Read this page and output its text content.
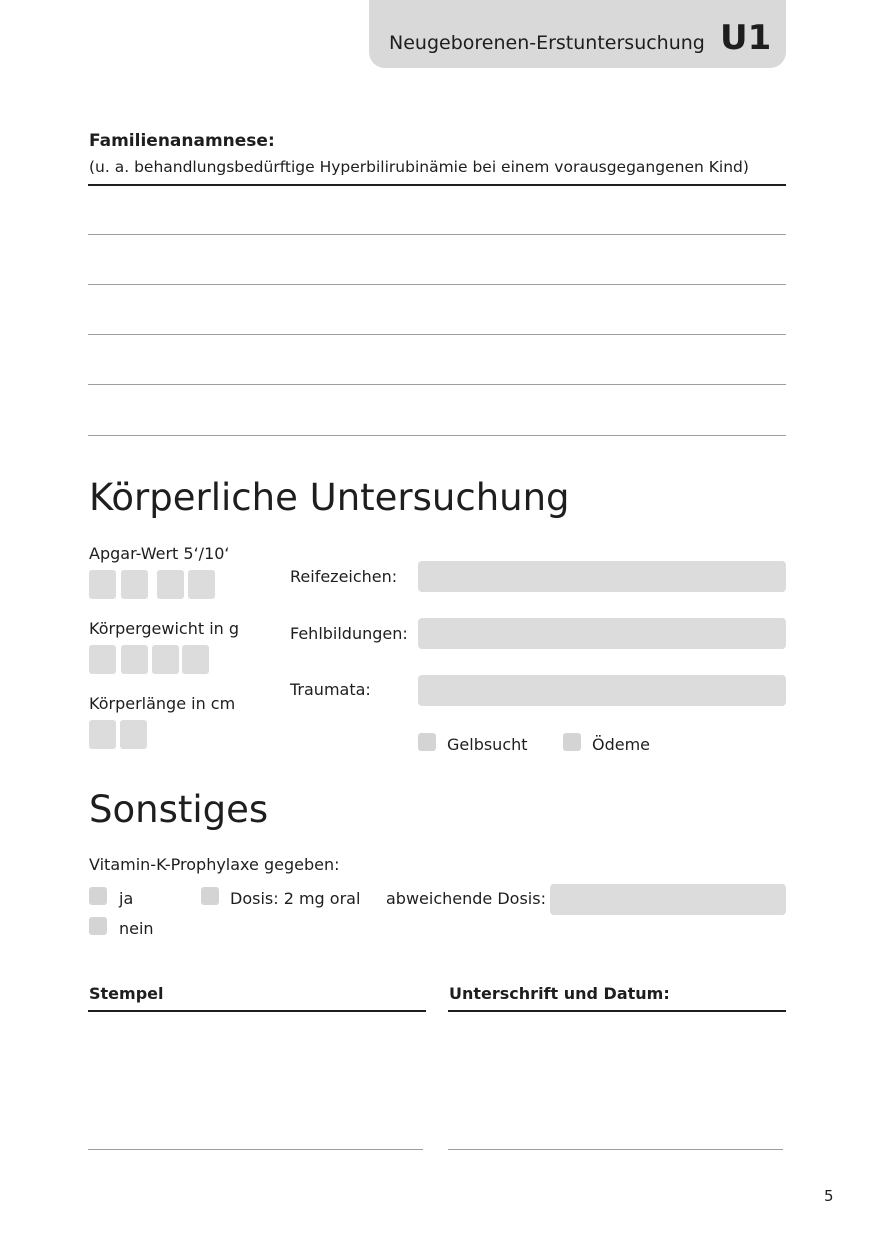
Neugeborenen-Erstuntersuchung U1
Familienanamnese:
(u. a. behandlungsbedürftige Hyperbilirubinämie bei einem vorausgegangenen Kind)
Körperliche Untersuchung
Apgar-Wert 5‘/10‘
Körpergewicht in g
Körperlänge in cm
Reifezeichen:
Fehlbildungen:
Traumata:
Gelbsucht	Ödeme
Sonstiges
Vitamin-K-Prophylaxe gegeben:
ja	Dosis: 2 mg oral abweichende Dosis:
nein
Stempel	Unterschrift und Datum:
5
